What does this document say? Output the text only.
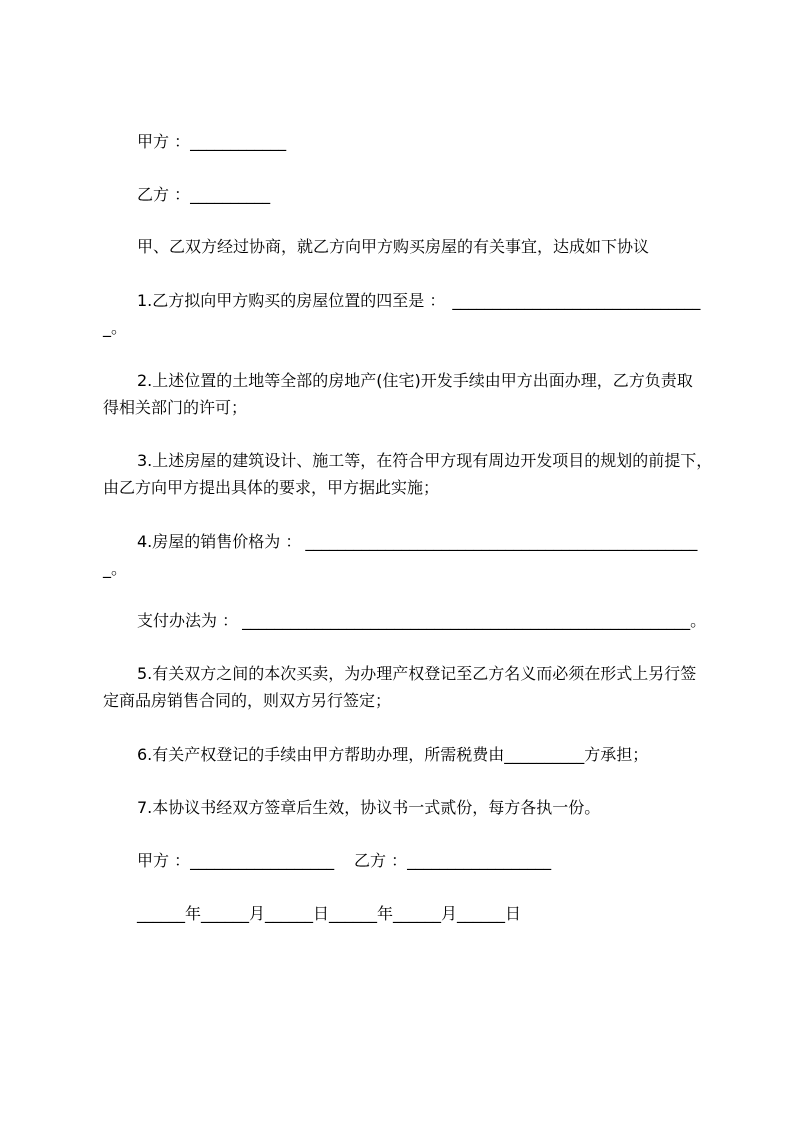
甲方 ：____________
乙方 ：__________
甲、乙双方经过协商，就乙方向甲方购买房屋的有关事宜，达成如下协议
1.乙方拟向甲方购买的房屋位置的四至是 ： _______________________________
_。
2.上述位置的土地等全部的房地产(住宅)开发手续由甲方出面办理，乙方负责取
得相关部门的许可；
3.上述房屋的建筑设计、施工等，在符合甲方现有周边开发项目的规划的前提下，
由乙方向甲方提出具体的要求，甲方据此实施；
4.房屋的销售价格为 ： _________________________________________________
_。
支付办法为 ： ________________________________________________________。
5.有关双方之间的本次买卖，为办理产权登记至乙方名义而必须在形式上另行签
定商品房销售合同的，则双方另行签定；
6.有关产权登记的手续由甲方帮助办理，所需税费由__________方承担；
7.本协议书经双方签章后生效，协议书一式贰份，每方各执一份。
甲方 ：__________________ 乙方 ：__________________
______年______月______日______年______月______日
